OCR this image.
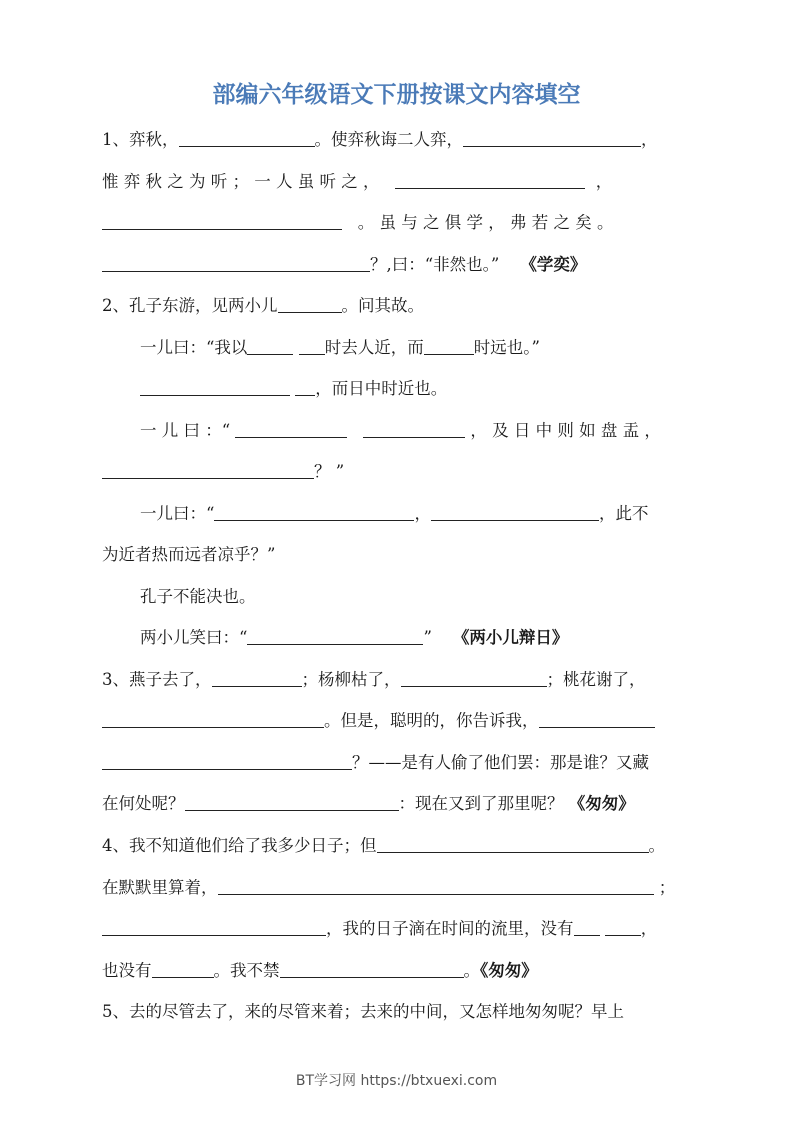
部编六年级语文下册按课文内容填空
1、弈秋，	。使弈秋诲二人弈，	，
惟 弈 秋 之 为 听 ； 一 人 虽 听 之 ，	，
。 虽 与 之 俱 学 ， 弗 若 之 矣 。
？,曰：“非然也。” 《学奕》
2、孔子东游，见两小儿	。问其故。
一儿曰：“我以	时去人近，而	时远也。”
，而日中时近也。
一 儿 曰 ：“	， 及 日 中 则 如 盘 盂 ，
？ ”
一儿曰：“	，	，此不
为近者热而远者凉乎？”
孔子不能决也。
两小儿笑曰：“	” 《两小儿辩日》
3、燕子去了，	；杨柳枯了，	；桃花谢了，
。但是，聪明的，你告诉我，
？——是有人偷了他们罢：那是谁？又藏
在何处呢？	：现在又到了那里呢？ 《匆匆》
4、我不知道他们给了我多少日子；但	。
在默默里算着，	；
，我的日子滴在时间的流里，没有	，
也没有	。我不禁	。《匆匆》
5、去的尽管去了，来的尽管来着；去来的中间，又怎样地匆匆呢？早上
BT学习网 https://btxuexi.com
